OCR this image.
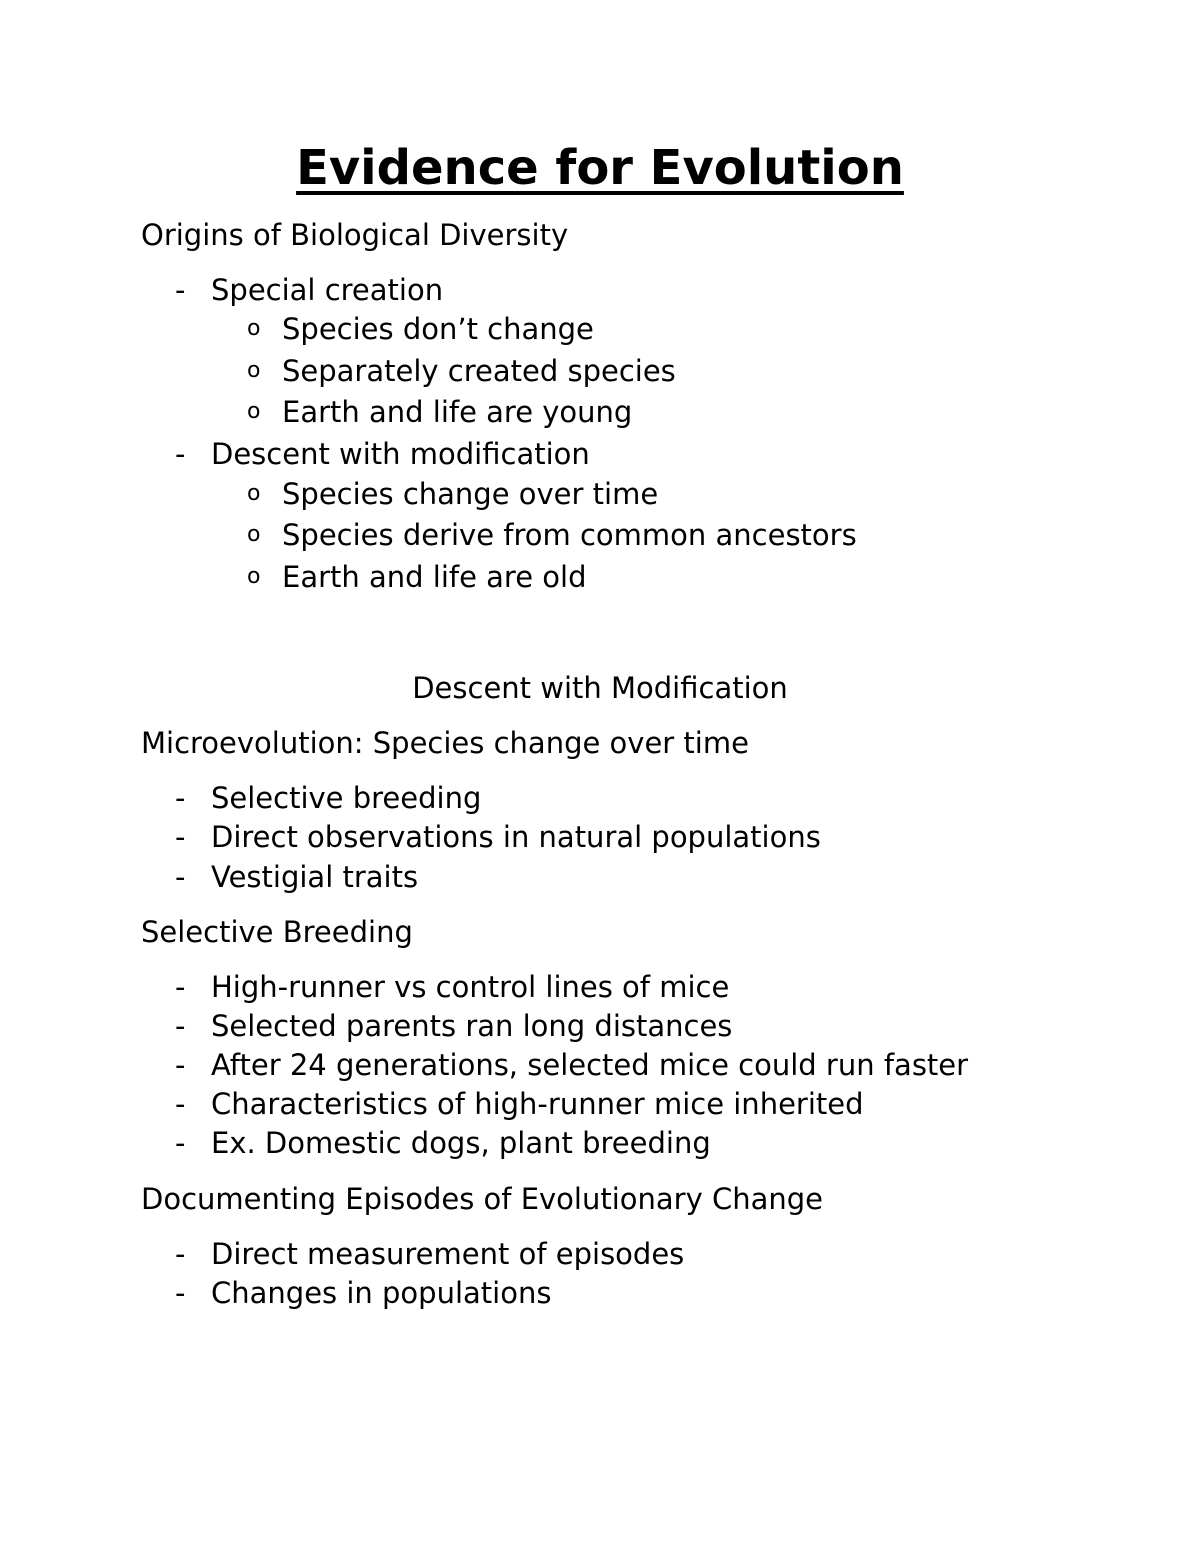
Evidence for Evolution

Origins of Biological Diversity

- Special creation
o Species don’t change
o Separately created species
o Earth and life are young
- Descent with modification
o Species change over time
o Species derive from common ancestors
o Earth and life are old

Descent with Modification

Microevolution: Species change over time

- Selective breeding
- Direct observations in natural populations
- Vestigial traits

Selective Breeding

- High-runner vs control lines of mice
- Selected parents ran long distances
- After 24 generations, selected mice could run faster
- Characteristics of high-runner mice inherited
- Ex. Domestic dogs, plant breeding

Documenting Episodes of Evolutionary Change

- Direct measurement of episodes
- Changes in populations
